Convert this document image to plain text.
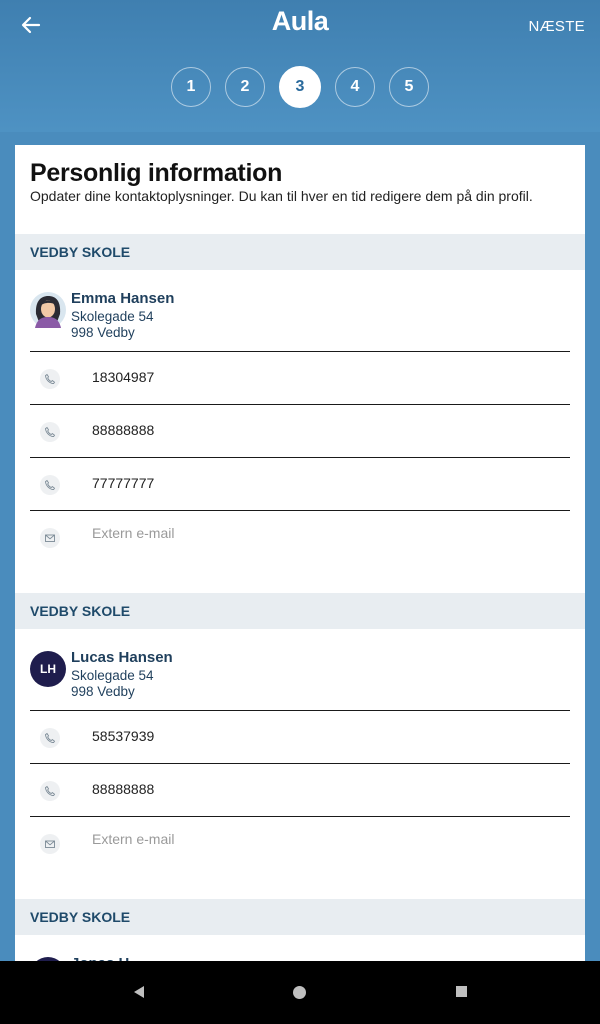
Aula	NÆSTE
1	2	3	4	5
Personlig information
Opdater dine kontaktoplysninger. Du kan til hver en tid redigere dem på din profil.
VEDBY SKOLE
Emma Hansen
Skolegade 54
998 Vedby
18304987
88888888
77777777
Extern e-mail
VEDBY SKOLE
LH
Lucas Hansen
Skolegade 54
998 Vedby
58537939
88888888
Extern e-mail
VEDBY SKOLE
